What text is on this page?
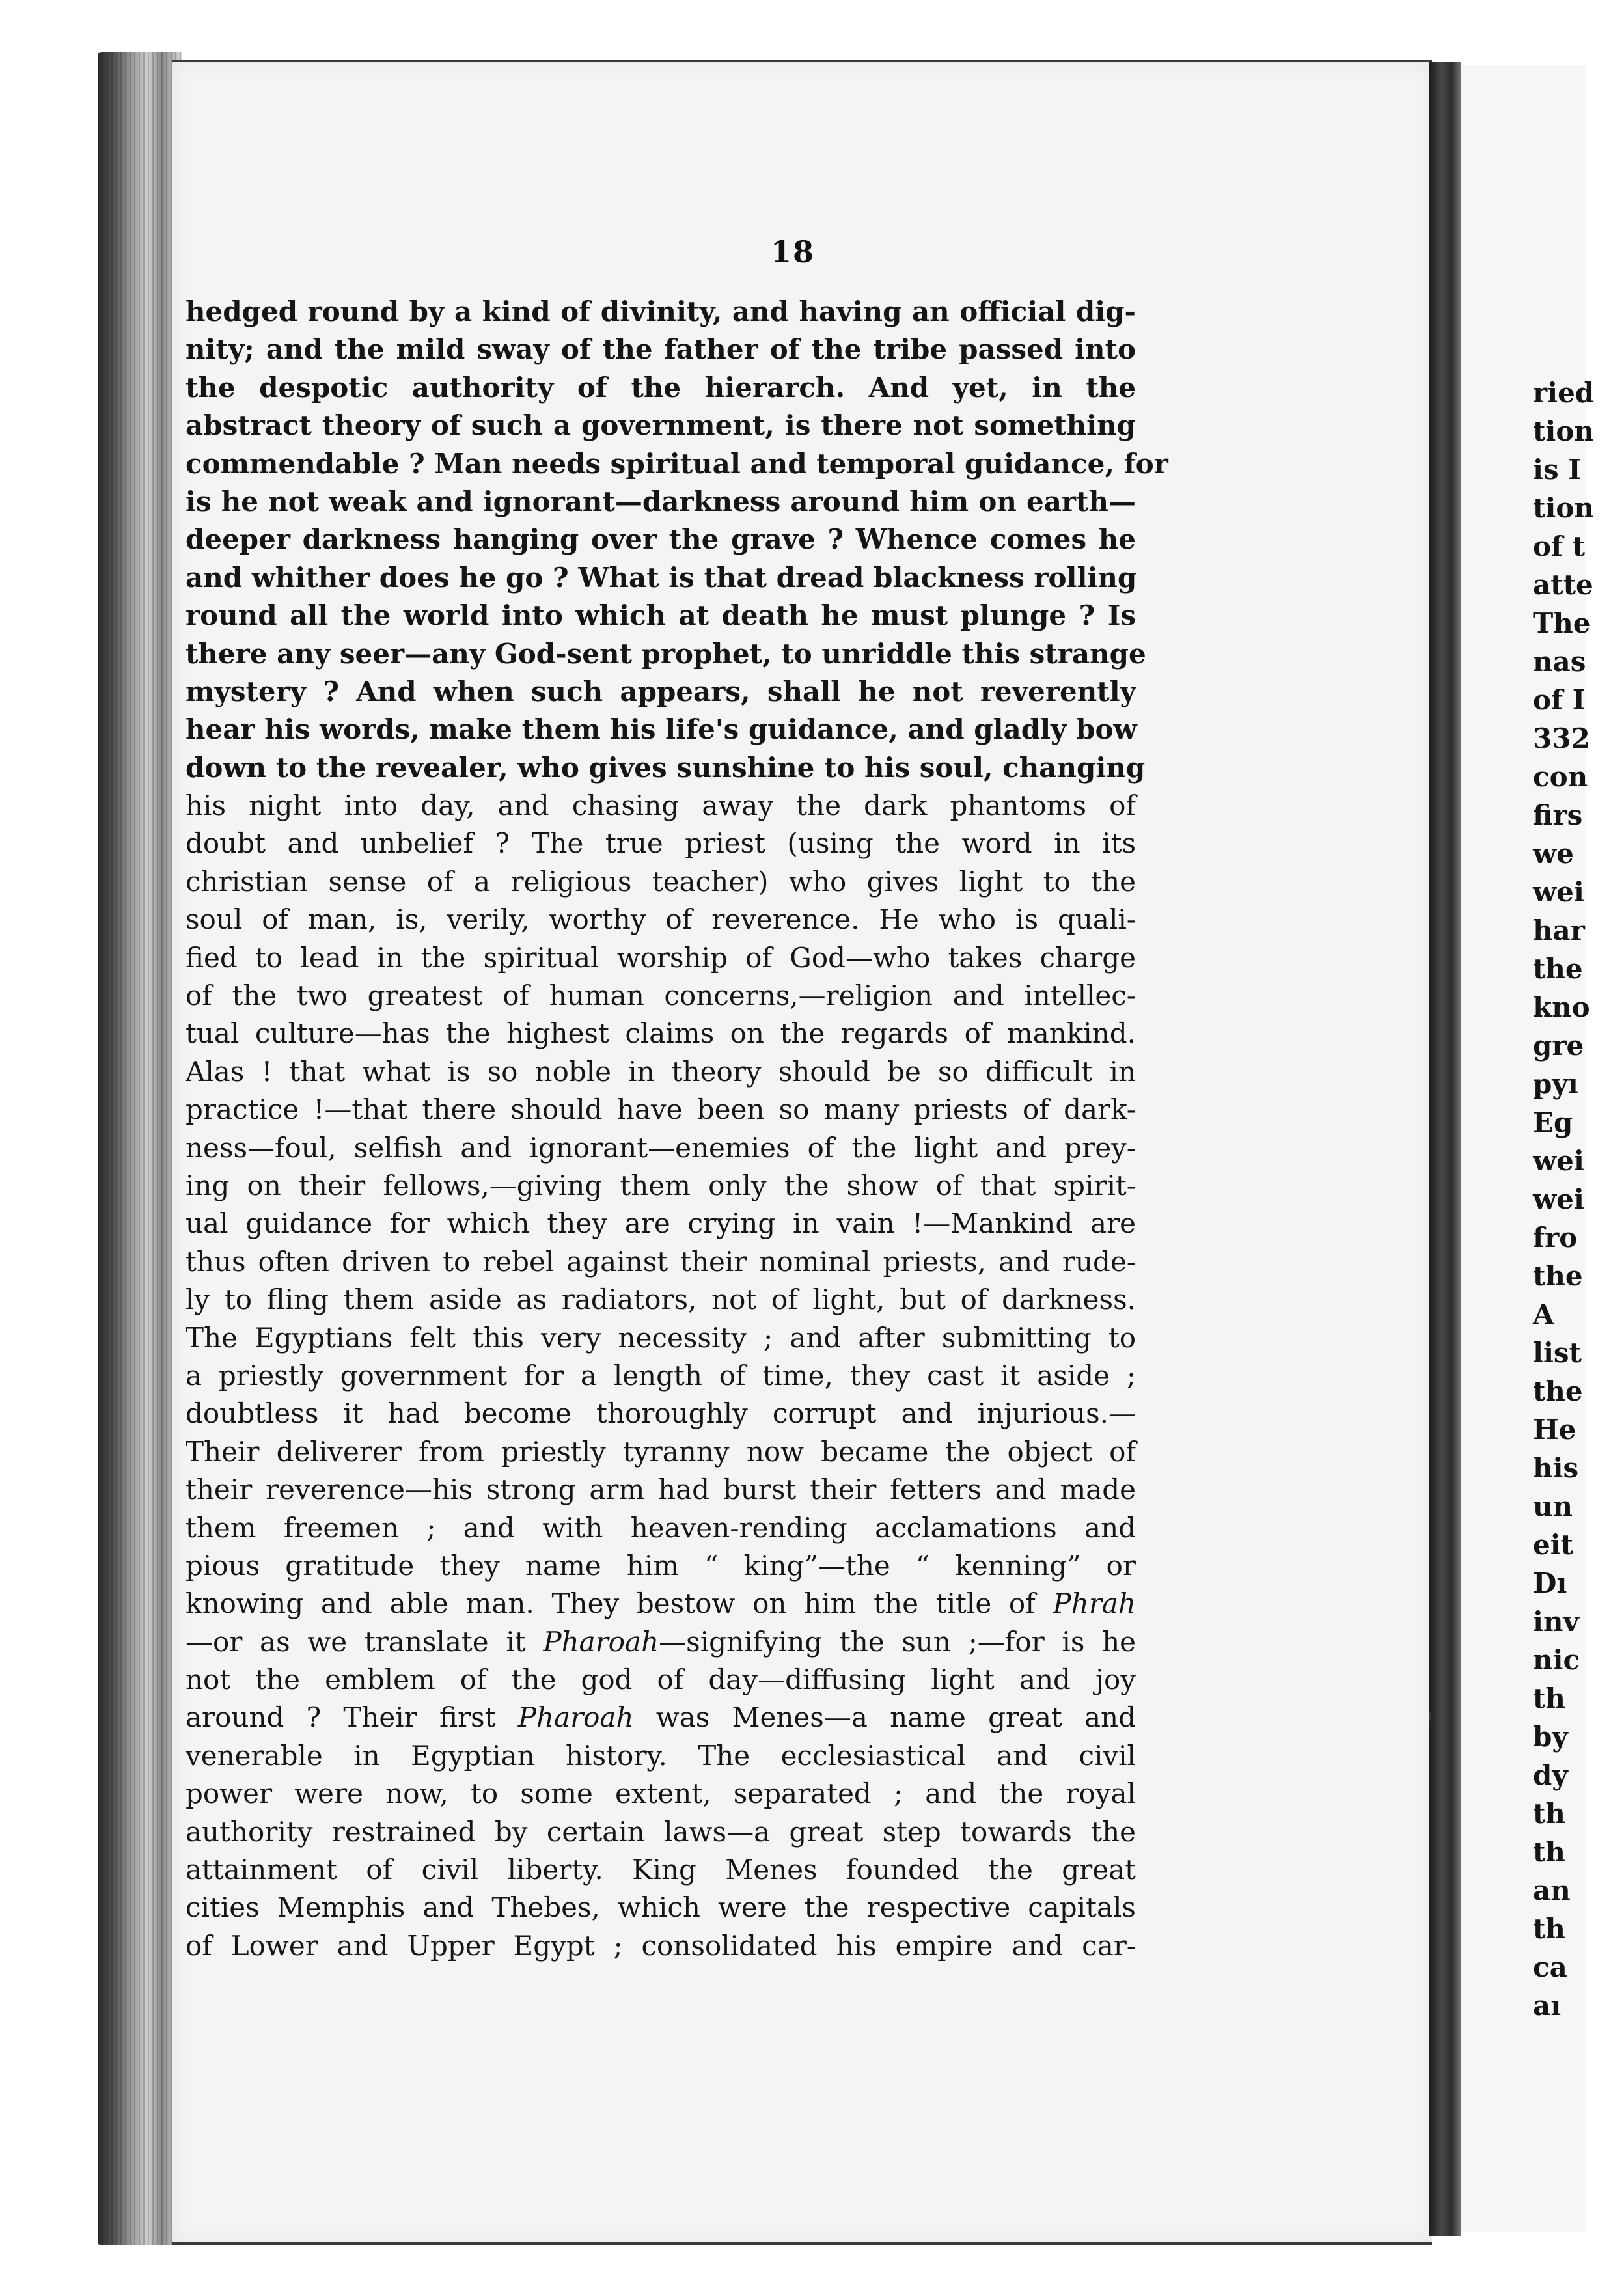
ried
tion
is I
tion
of t
atte
The
nas
of I
332
con
firs
we
wei
har
the
kno
gre
pyı
Eg
wei
wei
fro
the
A
list
the
He
his
un
eit
Dı
inv
nic
th
by
dy
th
th
an
th
ca
aı
18
hedged round by a kind of divinity, and having an official dig-
nity; and the mild sway of the father of the tribe passed into
the despotic authority of the hierarch. And yet, in the
abstract theory of such a government, is there not something
commendable ? Man needs spiritual and temporal guidance, for
is he not weak and ignorant—darkness around him on earth—
deeper darkness hanging over the grave ? Whence comes he
and whither does he go ? What is that dread blackness rolling
round all the world into which at death he must plunge ? Is
there any seer—any God-sent prophet, to unriddle this strange
mystery ? And when such appears, shall he not reverently
hear his words, make them his life's guidance, and gladly bow
down to the revealer, who gives sunshine to his soul, changing
his night into day, and chasing away the dark phantoms of
doubt and unbelief ? The true priest (using the word in its
christian sense of a religious teacher) who gives light to the
soul of man, is, verily, worthy of reverence. He who is quali-
fied to lead in the spiritual worship of God—who takes charge
of the two greatest of human concerns,—religion and intellec-
tual culture—has the highest claims on the regards of mankind.
Alas ! that what is so noble in theory should be so difficult in
practice !—that there should have been so many priests of dark-
ness—foul, selfish and ignorant—enemies of the light and prey-
ing on their fellows,—giving them only the show of that spirit-
ual guidance for which they are crying in vain !—Mankind are
thus often driven to rebel against their nominal priests, and rude-
ly to fling them aside as radiators, not of light, but of darkness.
The Egyptians felt this very necessity ; and after submitting to
a priestly government for a length of time, they cast it aside ;
doubtless it had become thoroughly corrupt and injurious.—
Their deliverer from priestly tyranny now became the object of
their reverence—his strong arm had burst their fetters and made
them freemen ; and with heaven-rending acclamations and
pious gratitude they name him “ king”—the “ kenning” or
knowing and able man. They bestow on him the title of Phrah
—or as we translate it Pharoah—signifying the sun ;—for is he
not the emblem of the god of day—diffusing light and joy
around ? Their first Pharoah was Menes—a name great and
venerable in Egyptian history. The ecclesiastical and civil
power were now, to some extent, separated ; and the royal
authority restrained by certain laws—a great step towards the
attainment of civil liberty. King Menes founded the great
cities Memphis and Thebes, which were the respective capitals
of Lower and Upper Egypt ; consolidated his empire and car-
